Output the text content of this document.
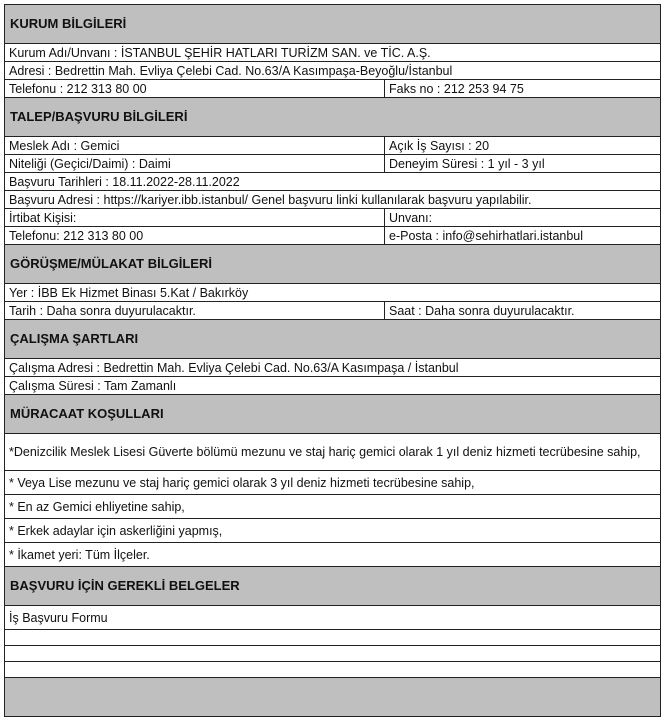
KURUM BİLGİLERİ	
Kurum Adı/Unvanı : İSTANBUL ŞEHİR HATLARI TURİZM SAN. ve TİC. A.Ş.	
Adresi : Bedrettin Mah. Evliya Çelebi Cad. No.63/A Kasımpaşa-Beyoğlu/İstanbul	
Telefonu : 212 313 80 00	Faks no : 212 253 94 75
TALEP/BAŞVURU BİLGİLERİ	
Meslek Adı : Gemici	Açık İş Sayısı : 20
Niteliği (Geçici/Daimi) : Daimi	Deneyim Süresi : 1 yıl - 3 yıl
Başvuru Tarihleri : 18.11.2022-28.11.2022	
Başvuru Adresi : https://kariyer.ibb.istanbul/ Genel başvuru linki kullanılarak başvuru yapılabilir.	
İrtibat Kişisi:	Unvanı:
Telefonu: 212 313 80 00	e-Posta : info@sehirhatlari.istanbul
GÖRÜŞME/MÜLAKAT BİLGİLERİ	
Yer : İBB Ek Hizmet Binası 5.Kat / Bakırköy	
Tarih : Daha sonra duyurulacaktır.	Saat : Daha sonra duyurulacaktır.
ÇALIŞMA ŞARTLARI	
Çalışma Adresi : Bedrettin Mah. Evliya Çelebi Cad. No.63/A Kasımpaşa / İstanbul	
Çalışma Süresi : Tam Zamanlı	
MÜRACAAT KOŞULLARI	
*Denizcilik Meslek Lisesi Güverte bölümü mezunu ve staj hariç gemici olarak 1 yıl deniz hizmeti tecrübesine sahip,	
* Veya Lise mezunu ve staj hariç gemici olarak 3 yıl deniz hizmeti tecrübesine sahip,	
* En az Gemici ehliyetine sahip,	
* Erkek adaylar için askerliğini yapmış,	
* İkamet yeri: Tüm İlçeler.	
BAŞVURU İÇİN GEREKLİ BELGELER	
İş Başvuru Formu	
